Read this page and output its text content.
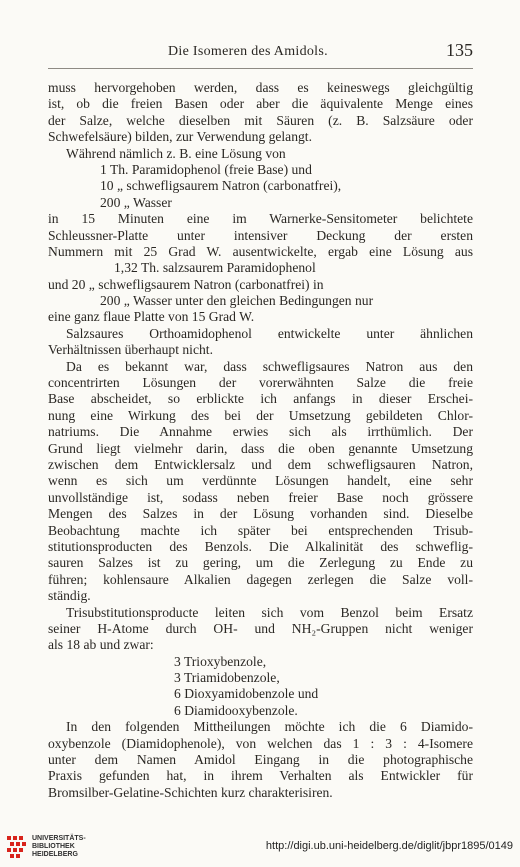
Die Isomeren des Amidols.	135
muss hervorgehoben werden, dass es keineswegs gleichgültig
ist, ob die freien Basen oder aber die äquivalente Menge eines
der Salze, welche dieselben mit Säuren (z. B. Salzsäure oder
Schwefelsäure) bilden, zur Verwendung gelangt.
Während nämlich z. B. eine Lösung von
1 Th. Paramidophenol (freie Base) und
10 „ schwefligsaurem Natron (carbonatfrei),
200 „ Wasser
in 15 Minuten eine im Warnerke-Sensitometer belichtete
Schleussner-Platte unter intensiver Deckung der ersten
Nummern mit 25 Grad W. ausentwickelte, ergab eine Lösung aus
1,32 Th. salzsaurem Paramidophenol
und 20 „ schwefligsaurem Natron (carbonatfrei) in
200 „ Wasser unter den gleichen Bedingungen nur
eine ganz flaue Platte von 15 Grad W.
Salzsaures Orthoamidophenol entwickelte unter ähnlichen
Verhältnissen überhaupt nicht.
Da es bekannt war, dass schwefligsaures Natron aus den
concentrirten Lösungen der vorerwähnten Salze die freie
Base abscheidet, so erblickte ich anfangs in dieser Erschei-
nung eine Wirkung des bei der Umsetzung gebildeten Chlor-
natriums. Die Annahme erwies sich als irrthümlich. Der
Grund liegt vielmehr darin, dass die oben genannte Umsetzung
zwischen dem Entwicklersalz und dem schwefligsauren Natron,
wenn es sich um verdünnte Lösungen handelt, eine sehr
unvollständige ist, sodass neben freier Base noch grössere
Mengen des Salzes in der Lösung vorhanden sind. Dieselbe
Beobachtung machte ich später bei entsprechenden Trisub-
stitutionsproducten des Benzols. Die Alkalinität des schweflig-
sauren Salzes ist zu gering, um die Zerlegung zu Ende zu
führen; kohlensaure Alkalien dagegen zerlegen die Salze voll-
ständig.
Trisubstitutionsproducte leiten sich vom Benzol beim Ersatz
seiner H-Atome durch OH- und NH₂-Gruppen nicht weniger
als 18 ab und zwar:
3 Trioxybenzole,
3 Triamidobenzole,
6 Dioxyamidobenzole und
6 Diamidooxybenzole.
In den folgenden Mittheilungen möchte ich die 6 Diamido-
oxybenzole (Diamidophenole), von welchen das 1 : 3 : 4-Isomere
unter dem Namen Amidol Eingang in die photographische
Praxis gefunden hat, in ihrem Verhalten als Entwickler für
Bromsilber-Gelatine-Schichten kurz charakterisiren.
UNIVERSITÄTS-
BIBLIOTHEK
HEIDELBERG
http://digi.ub.uni-heidelberg.de/diglit/jbpr1895/0149
